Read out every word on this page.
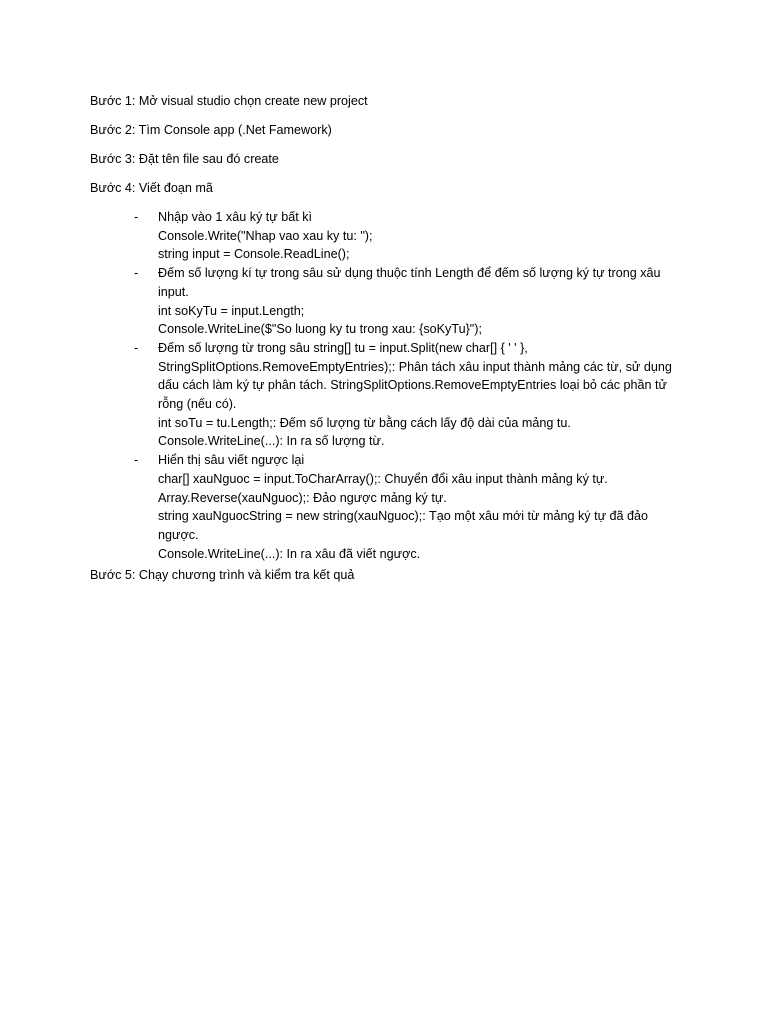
Bước 1: Mở visual studio chọn create new project

Bước 2: Tìm Console app (.Net Famework)

Bước 3: Đặt tên file sau đó create

Bước 4: Viết đoạn mã

- Nhập vào 1 xâu ký tự bất kì
Console.Write("Nhap vao xau ky tu: ");
string input = Console.ReadLine();
- Đếm số lượng kí tự trong sâu sử dụng thuộc tính Length để đếm số lượng ký tự trong xâu
input.
int soKyTu = input.Length;
Console.WriteLine($"So luong ky tu trong xau: {soKyTu}");
- Đếm số lượng từ trong sâu string[] tu = input.Split(new char[] { ' ' },
StringSplitOptions.RemoveEmptyEntries);: Phân tách xâu input thành mảng các từ, sử dụng
dấu cách làm ký tự phân tách. StringSplitOptions.RemoveEmptyEntries loại bỏ các phần tử
rỗng (nếu có).
int soTu = tu.Length;: Đếm số lượng từ bằng cách lấy độ dài của mảng tu.
Console.WriteLine(...): In ra số lượng từ.
- Hiển thị sâu viết ngược lại
char[] xauNguoc = input.ToCharArray();: Chuyển đổi xâu input thành mảng ký tự.
Array.Reverse(xauNguoc);: Đảo ngược mảng ký tự.
string xauNguocString = new string(xauNguoc);: Tạo một xâu mới từ mảng ký tự đã đảo
ngược.
Console.WriteLine(...): In ra xâu đã viết ngược.

Bước 5: Chạy chương trình và kiểm tra kết quả
